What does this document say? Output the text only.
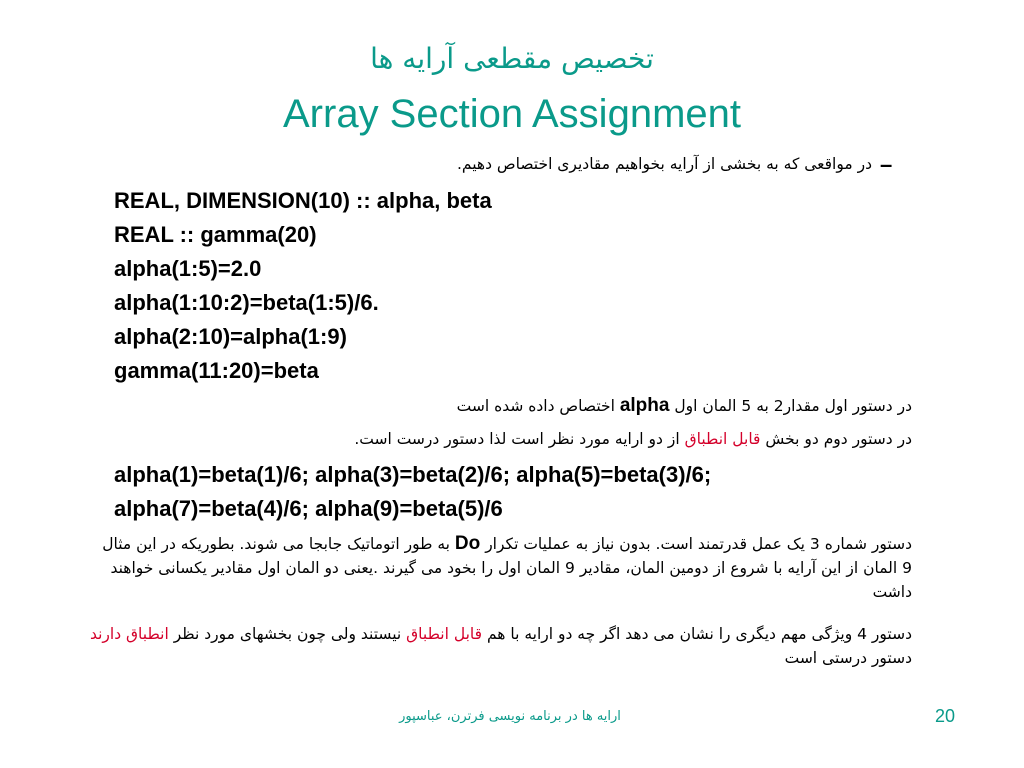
تخصیص مقطعی آرایه ها
Array Section Assignment
–
در مواقعی که به بخشی از آرایه بخواهیم مقادیری اختصاص دهیم.
REAL, DIMENSION(10) :: alpha, beta
REAL :: gamma(20)
alpha(1:5)=2.0
alpha(1:10:2)=beta(1:5)/6.
alpha(2:10)=alpha(1:9)
gamma(11:20)=beta
در دستور اول مقدار2 به 5 المان اول alpha اختصاص داده شده است
در دستور دوم دو بخش قابل انطباق از دو ارایه مورد نظر است لذا دستور درست است.
alpha(1)=beta(1)/6; alpha(3)=beta(2)/6; alpha(5)=beta(3)/6;
alpha(7)=beta(4)/6; alpha(9)=beta(5)/6
دستور شماره 3 یک عمل قدرتمند است. بدون نیاز به عملیات تکرار Do به طور اتوماتیک جابجا می شوند. بطوریکه در این مثال 9 المان از این آرایه با شروع از دومین المان، مقادیر 9 المان اول را بخود می گیرند .یعنی دو المان اول مقادیر یکسانی خواهند داشت
دستور 4 ویژگی مهم دیگری را نشان می دهد اگر چه دو ارایه با هم قابل انطباق نیستند ولی چون بخشهای مورد نظر انطباق دارند دستور درستی است
ارایه ها در برنامه نویسی فرترن، عباسپور	20
